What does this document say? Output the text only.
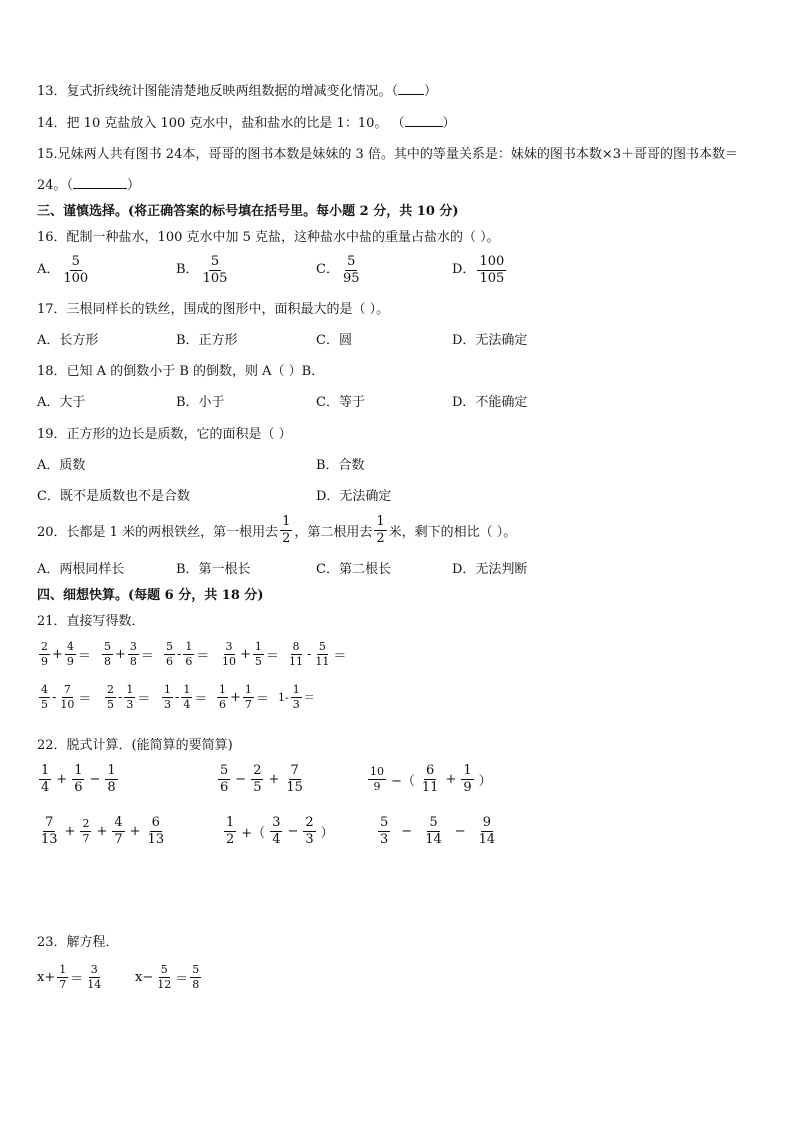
13．复式折线统计图能清楚地反映两组数据的增减变化情况。（ ）
14．把 10 克盐放入 100 克水中，盐和盐水的比是 1：10。 （	）
15.兄妹两人共有图书 24本，哥哥的图书本数是妹妹的 3 倍。其中的等量关系是：妹妹的图书本数×3＋哥哥的图书本数＝
24。（	）
三、谨慎选择。(将正确答案的标号填在括号里。每小题 2 分，共 10 分)
16．配制一种盐水，100 克水中加 5 克盐，这种盐水中盐的重量占盐水的（ ）。
A． $\frac{5}{100}$	B． $\frac{5}{105}$	C． $\frac{5}{95}$	D． $\frac{100}{105}$
17．三根同样长的铁丝，围成的图形中，面积最大的是（ ）。
A．长方形	B．正方形	C．圆	D．无法确定
18．已知 A 的倒数小于 B 的倒数，则 A（ ）B．
A．大于	B．小于	C．等于	D．不能确定
19．正方形的边长是质数，它的面积是（ ）
A．质数	B．合数
C．既不是质数也不是合数	D．无法确定
20．长都是 1 米的两根铁丝，第一根用去 $\frac{1}{2}$ ，第二根用去 $\frac{1}{2}$ 米，剩下的相比（ ）。
A．两根同样长	B．第一根长	C．第二根长	D．无法判断
四、细想快算。(每题 6 分，共 18 分)
21．直接写得数．
$\frac{2}{9} + \frac{4}{9} = \frac{5}{8} + \frac{3}{8} = \frac{5}{6} - \frac{1}{6} = \frac{3}{10} + \frac{1}{5} = \frac{8}{11} - \frac{5}{11}$ ＝
$\frac{4}{5} - \frac{7}{10} = \frac{2}{5} - \frac{1}{3} = \frac{1}{3} - \frac{1}{4} = \frac{1}{6} + \frac{1}{7} = 1 - \frac{1}{3}$ ＝
22．脱式计算．(能简算的要简算)
$\frac{1}{4} + \frac{1}{6} - \frac{1}{8}$	$\frac{5}{6} - \frac{2}{5} + \frac{7}{15}$	$\frac{10}{9}$ −（ $\frac{6}{11} + \frac{1}{9}$ ）
$\frac{7}{13} + \frac{2}{7} + \frac{4}{7} + \frac{6}{13}$	$\frac{1}{2}$ +（ $\frac{3}{4} - \frac{2}{3}$ ）	$\frac{5}{3} - \frac{5}{14} - \frac{9}{14}$
23．解方程．
$x+ \frac{1}{7} = \frac{3}{14} x- \frac{5}{12} = \frac{5}{8}$
